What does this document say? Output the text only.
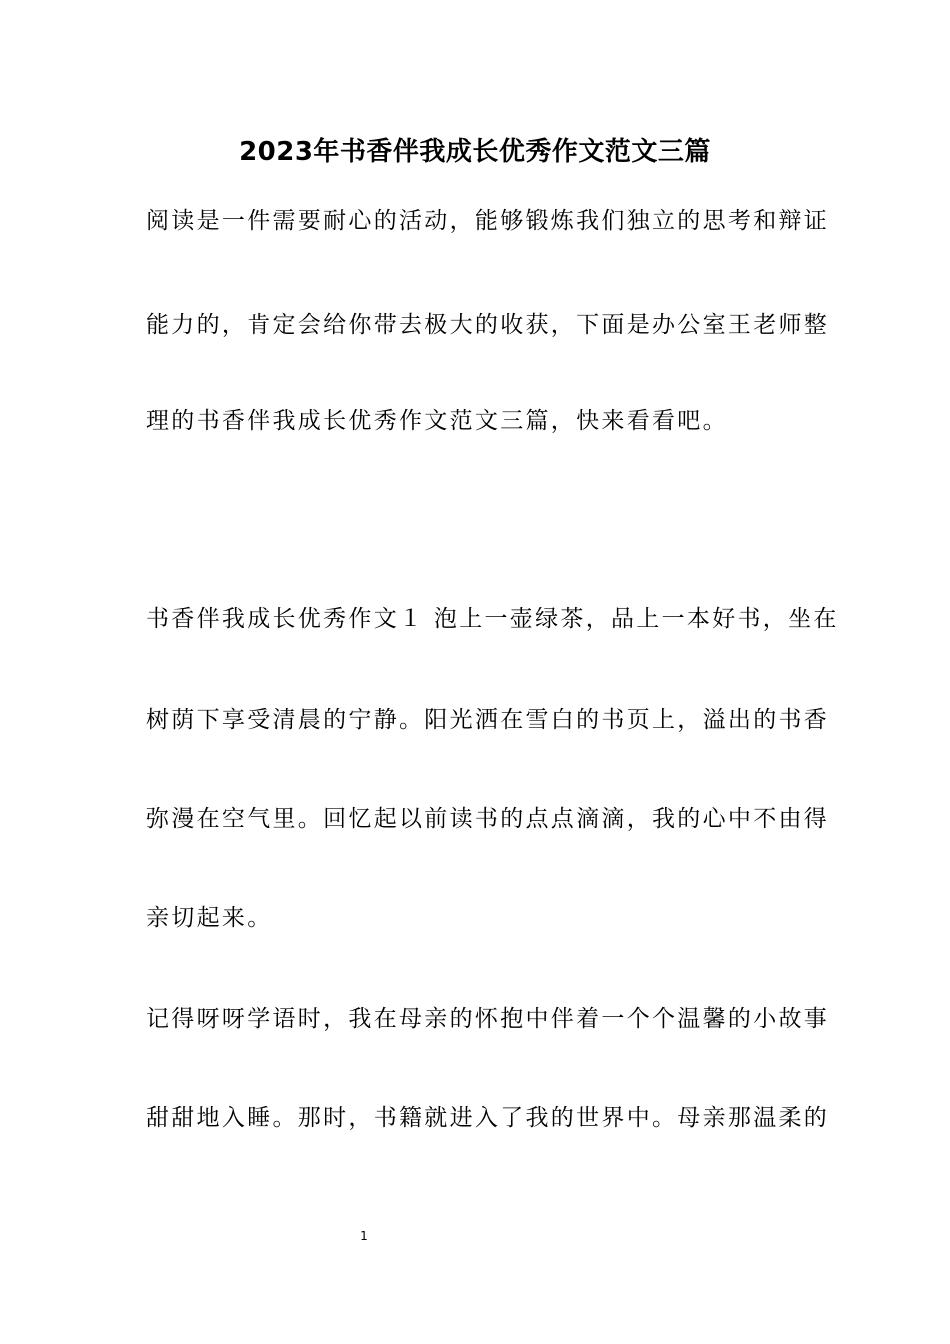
2023年书香伴我成长优秀作文范文三篇
阅读是一件需要耐心的活动，能够锻炼我们独立的思考和辩证
能力的，肯定会给你带去极大的收获，下面是办公室王老师整
理的书香伴我成长优秀作文范文三篇，快来看看吧。
书香伴我成长优秀作文１ 泡上一壶绿茶，品上一本好书，坐在
树荫下享受清晨的宁静。阳光洒在雪白的书页上，溢出的书香
弥漫在空气里。回忆起以前读书的点点滴滴，我的心中不由得
亲切起来。
记得呀呀学语时，我在母亲的怀抱中伴着一个个温馨的小故事
甜甜地入睡。那时，书籍就进入了我的世界中。母亲那温柔的
1
